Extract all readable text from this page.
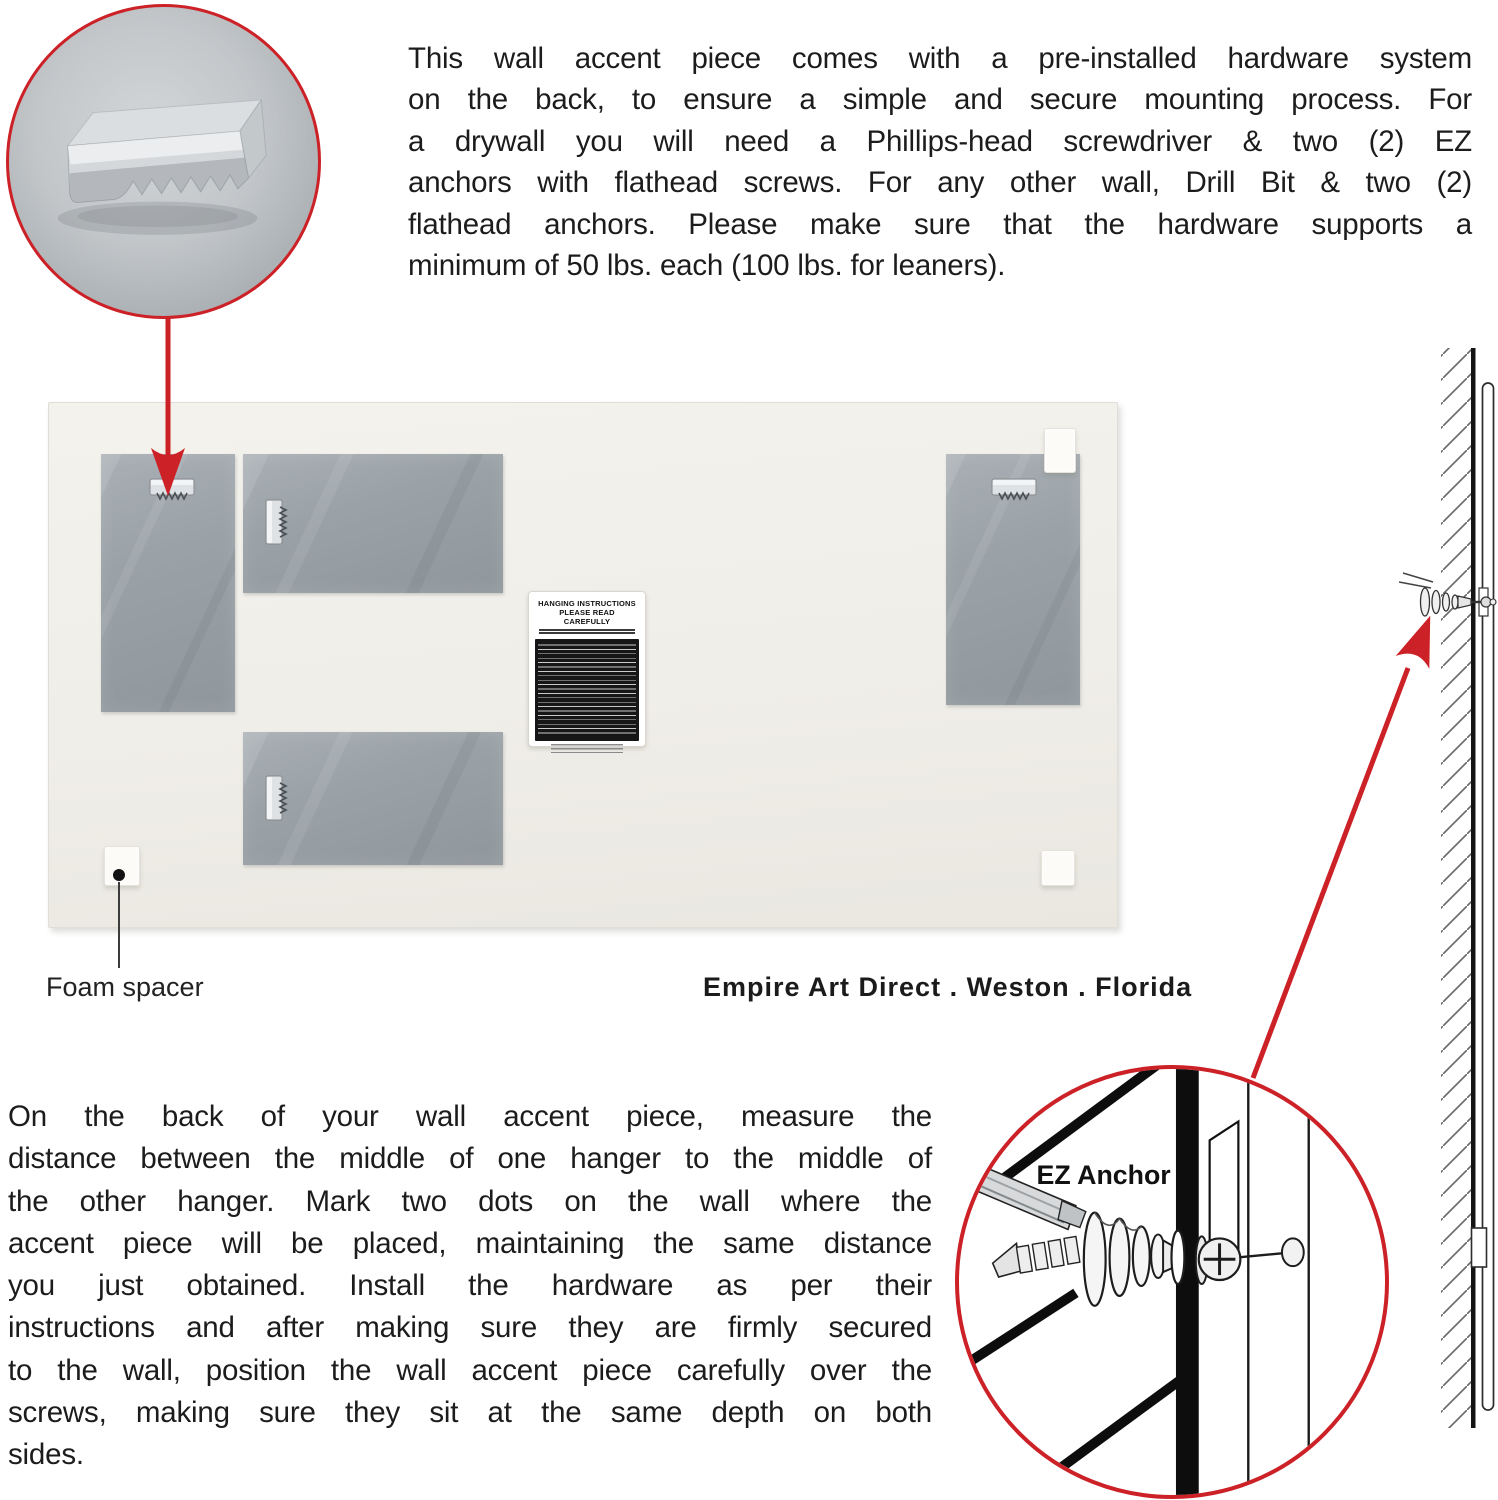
This wall accent piece comes with a pre-installed hardware system
on the back, to ensure a simple and secure mounting process. For
a drywall you will need a Phillips-head screwdriver & two (2) EZ
anchors with flathead screws. For any other wall, Drill Bit & two (2)
flathead anchors. Please make sure that the hardware supports a
minimum of 50 lbs. each (100 lbs. for leaners).
HANGING INSTRUCTIONS
PLEASE READ CAREFULLY
Foam spacer	Empire Art Direct . Weston . Florida
EZ Anchor
On the back of your wall accent piece, measure the
distance between the middle of one hanger to the middle of
the other hanger. Mark two dots on the wall where the
accent piece will be placed, maintaining the same distance
you just obtained. Install the hardware as per their
instructions and after making sure they are firmly secured
to the wall, position the wall accent piece carefully over the
screws, making sure they sit at the same depth on both
sides.
